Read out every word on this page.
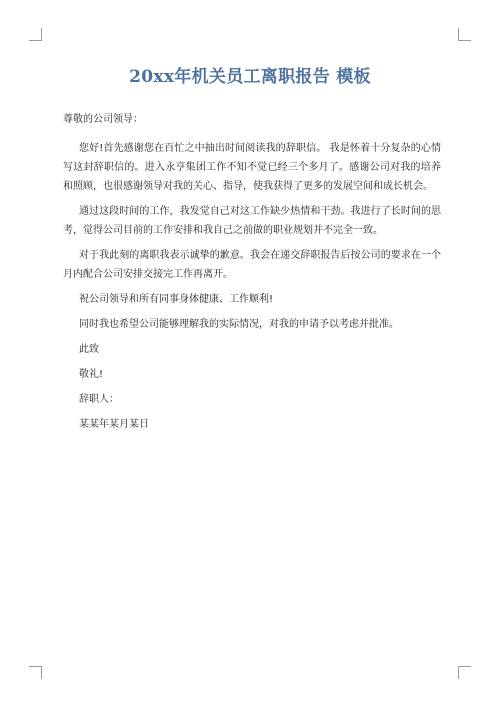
20xx年机关员工离职报告 模板

尊敬的公司领导：

您好!首先感谢您在百忙之中抽出时间阅读我的辞职信。 我是怀着十分复杂的心情写这封辞职信的。进入永亨集团工作不知不觉已经三个多月了。感谢公司对我的培养和照顾，也很感谢领导对我的关心、指导，使我获得了更多的发展空间和成长机会。

通过这段时间的工作，我发觉自己对这工作缺少热情和干劲。我进行了长时间的思考，觉得公司目前的工作安排和我自己之前做的职业规划并不完全一致。

对于我此刻的离职我表示诚挚的歉意。我会在递交辞职报告后按公司的要求在一个月内配合公司安排交接完工作再离开。

祝公司领导和所有同事身体健康、工作顺利!

同时我也希望公司能够理解我的实际情况，对我的申请予以考虑并批准。

此致

敬礼!

辞职人：

某某年某月某日
